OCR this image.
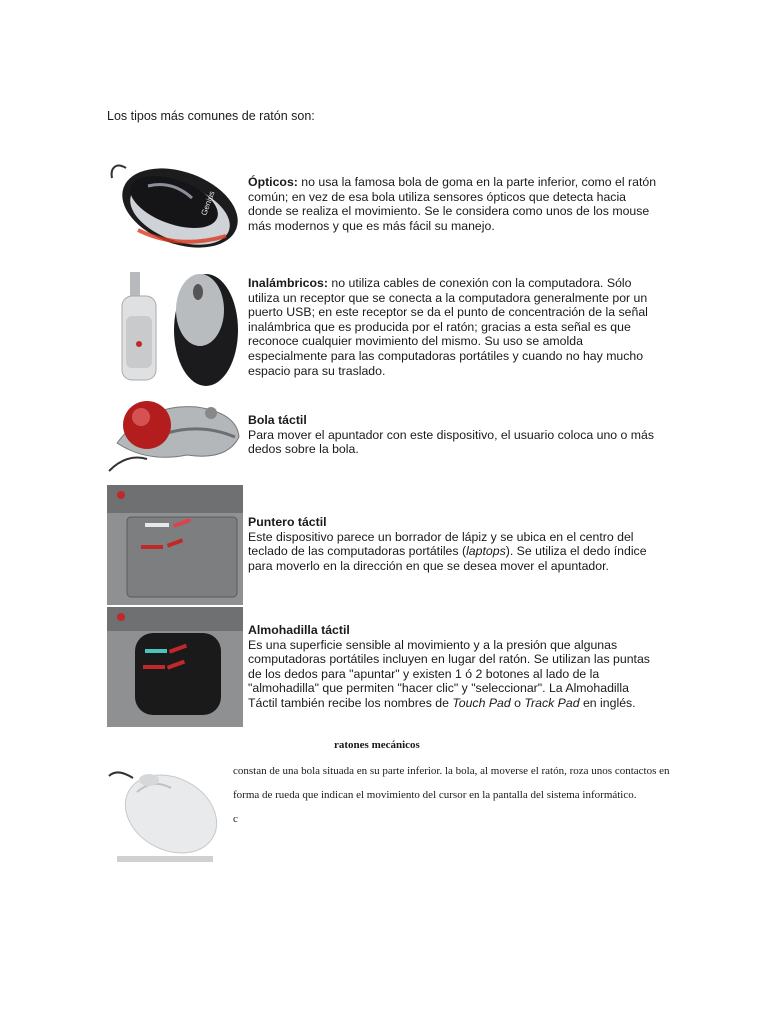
Los tipos más comunes de ratón son:
Genius
Ópticos: no usa la famosa bola de goma en la parte inferior, como el ratón común; en vez de esa bola utiliza sensores ópticos que detecta hacia donde se realiza el movimiento. Se le considera como unos de los mouse más modernos y que es más fácil su manejo.
Inalámbricos: no utiliza cables de conexión con la computadora. Sólo utiliza un receptor que se conecta a la computadora generalmente por un puerto USB; en este receptor se da el punto de concentración de la señal inalámbrica que es producida por el ratón; gracias a esta señal es que reconoce cualquier movimiento del mismo. Su uso se amolda especialmente para las computadoras portátiles y cuando no hay mucho espacio para su traslado.
Bola táctil
Para mover el apuntador con este dispositivo, el usuario coloca uno o más dedos sobre la bola.
Puntero táctil
Este dispositivo parece un borrador de lápiz y se ubica en el centro del teclado de las computadoras portátiles (laptops). Se utiliza el dedo índice para moverlo en la dirección en que se desea mover el apuntador.
Almohadilla táctil
Es una superficie sensible al movimiento y a la presión que algunas computadoras portátiles incluyen en lugar del ratón. Se utilizan las puntas de los dedos para "apuntar" y existen 1 ó 2 botones al lado de la "almohadilla" que permiten "hacer clic" y "seleccionar". La Almohadilla Táctil también recibe los nombres de Touch Pad o Track Pad en inglés.
ratones mecánicos
constan de una bola situada en su parte inferior. la bola, al moverse el ratón, roza unos contactos en forma de rueda que indican el movimiento del cursor en la pantalla del sistema informático.
c
